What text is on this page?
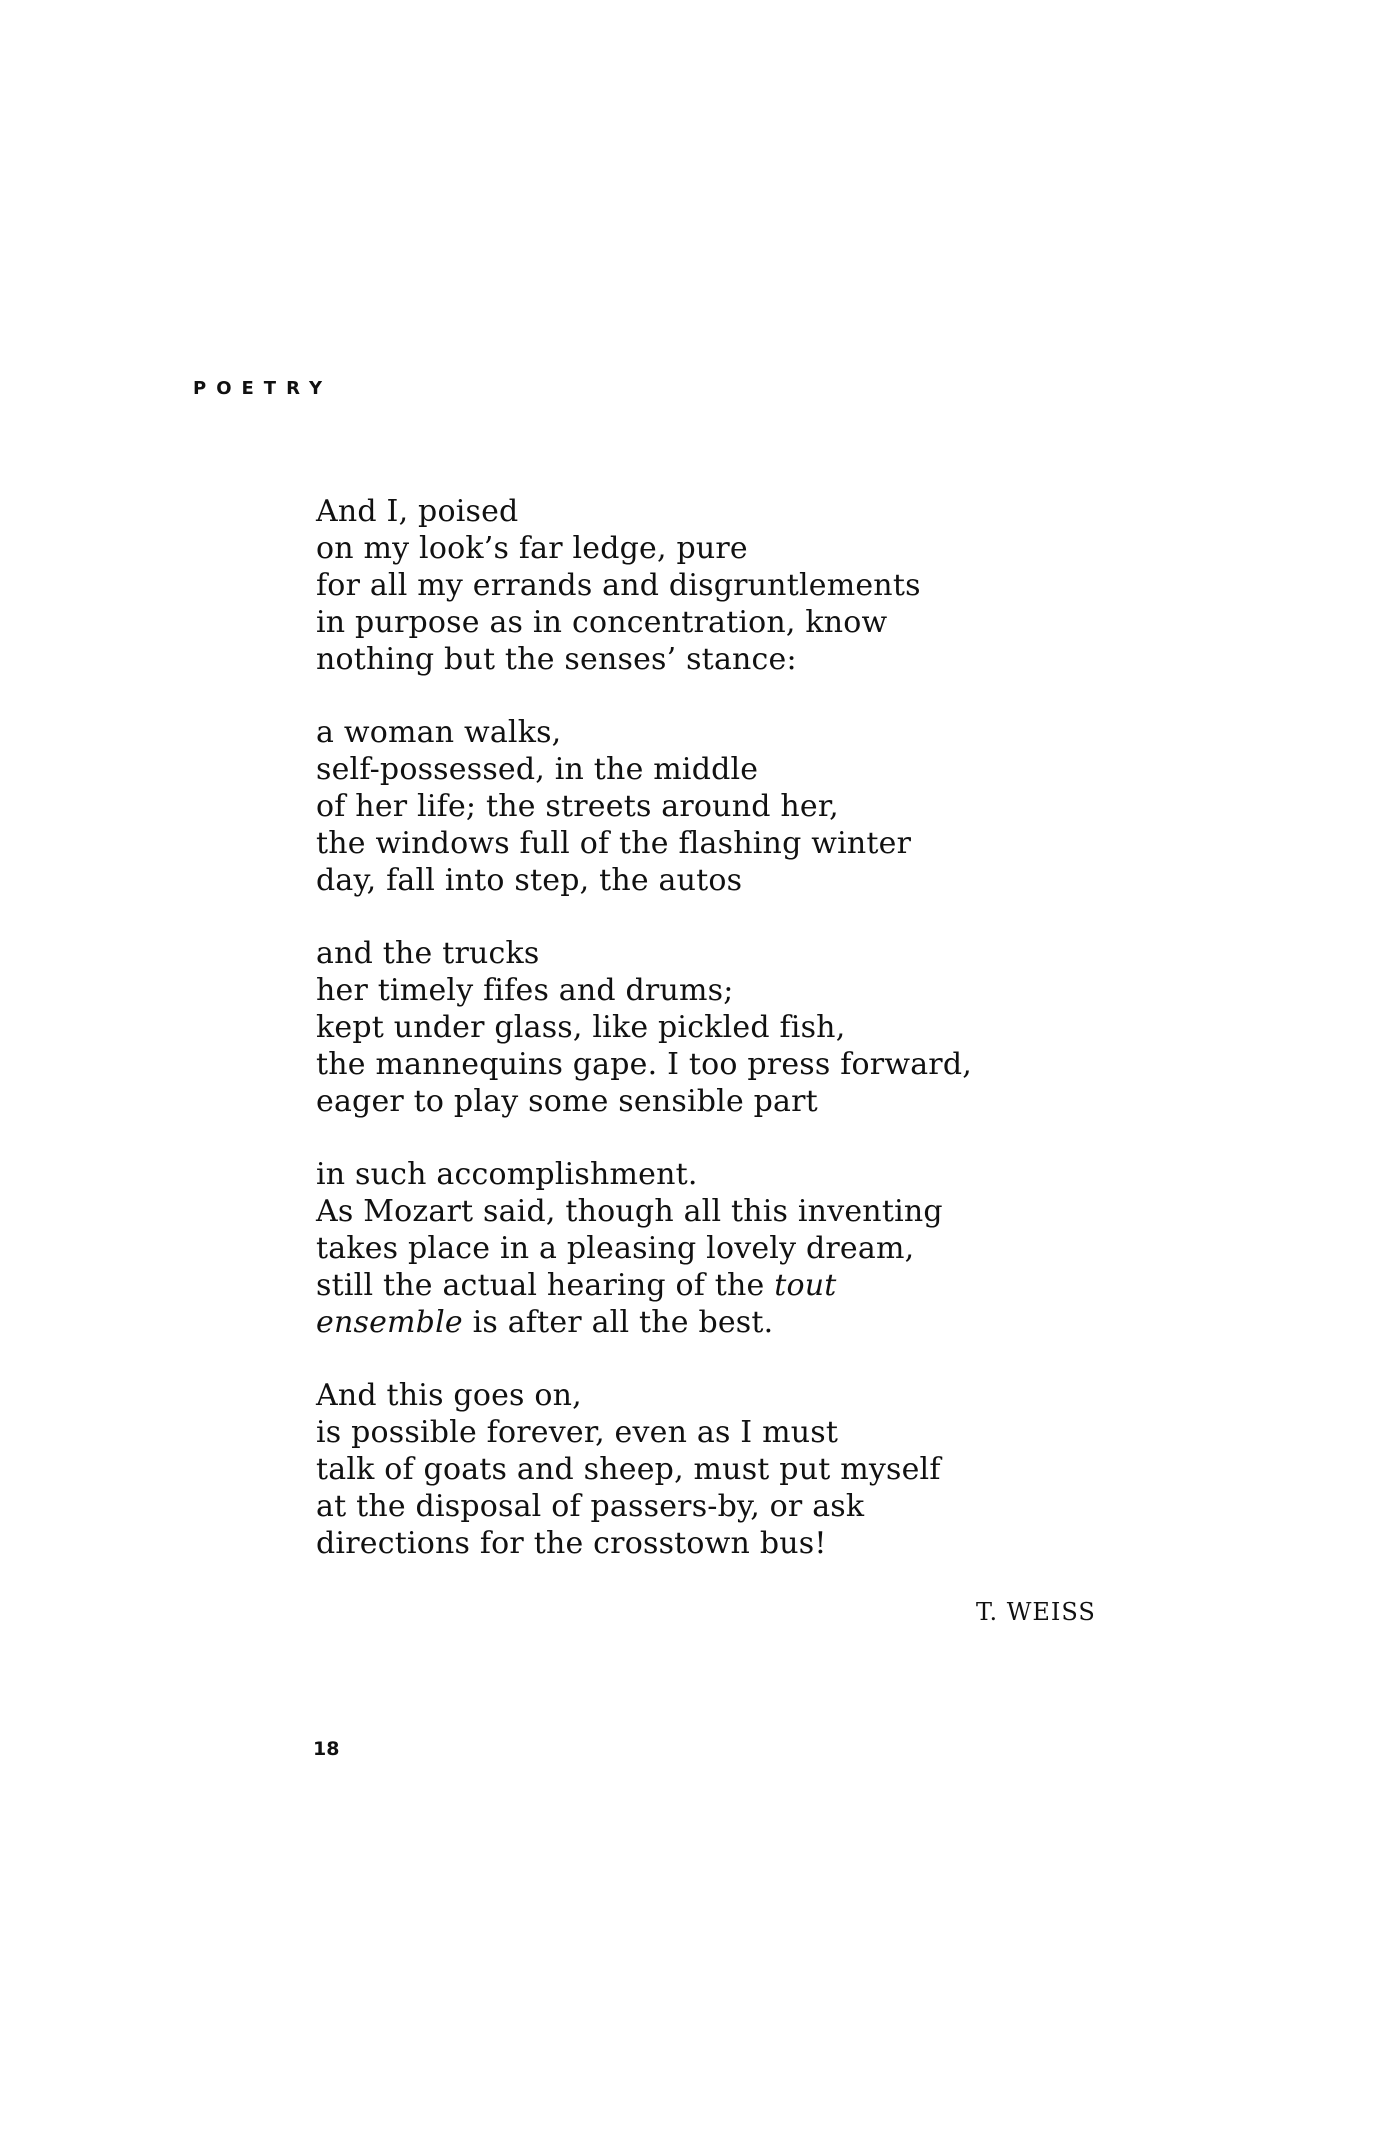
POETRY
And I, poised
on my look’s far ledge, pure
for all my errands and disgruntlements
in purpose as in concentration, know
nothing but the senses’ stance:
a woman walks,
self-possessed, in the middle
of her life; the streets around her,
the windows full of the flashing winter
day, fall into step, the autos
and the trucks
her timely fifes and drums;
kept under glass, like pickled fish,
the mannequins gape. I too press forward,
eager to play some sensible part
in such accomplishment.
As Mozart said, though all this inventing
takes place in a pleasing lovely dream,
still the actual hearing of the tout
ensemble is after all the best.
And this goes on,
is possible forever, even as I must
talk of goats and sheep, must put myself
at the disposal of passers-by, or ask
directions for the crosstown bus!
T. WEISS
18
